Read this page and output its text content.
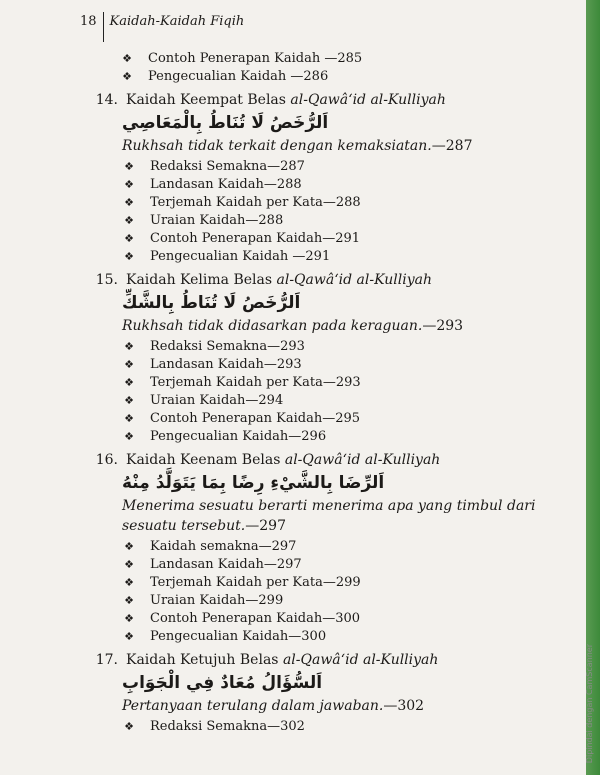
18 Kaidah-Kaidah Fiqih
❖ Contoh Penerapan Kaidah —285
❖ Pengecualian Kaidah —286
14. Kaidah Keempat Belas al-Qawâ‘id al-Kulliyah
اَلرُّخَصُ لَا تُنَاطُ بِالْمَعَاصِي
Rukhsah tidak terkait dengan kemaksiatan.—287
❖ Redaksi Semakna—287
❖ Landasan Kaidah—288
❖ Terjemah Kaidah per Kata—288
❖ Uraian Kaidah—288
❖ Contoh Penerapan Kaidah—291
❖ Pengecualian Kaidah —291
15. Kaidah Kelima Belas al-Qawâ‘id al-Kulliyah
اَلرُّخَصُ لَا تُنَاطُ بِالشَّكِّ
Rukhsah tidak didasarkan pada keraguan.—293
❖ Redaksi Semakna—293
❖ Landasan Kaidah—293
❖ Terjemah Kaidah per Kata—293
❖ Uraian Kaidah—294
❖ Contoh Penerapan Kaidah—295
❖ Pengecualian Kaidah—296
16. Kaidah Keenam Belas al-Qawâ‘id al-Kulliyah
اَلرِّضَا بِالشَّيْءِ رِضًا بِمَا يَتَوَلَّدُ مِنْهُ
Menerima sesuatu berarti menerima apa yang timbul dari sesuatu tersebut.—297
❖ Kaidah semakna—297
❖ Landasan Kaidah—297
❖ Terjemah Kaidah per Kata—299
❖ Uraian Kaidah—299
❖ Contoh Penerapan Kaidah—300
❖ Pengecualian Kaidah—300
17. Kaidah Ketujuh Belas al-Qawâ‘id al-Kulliyah
اَلسُّؤَالُ مُعَادٌ فِي الْجَوَابِ
Pertanyaan terulang dalam jawaban.—302
❖ Redaksi Semakna—302	Dipindai dengan CamScanner
